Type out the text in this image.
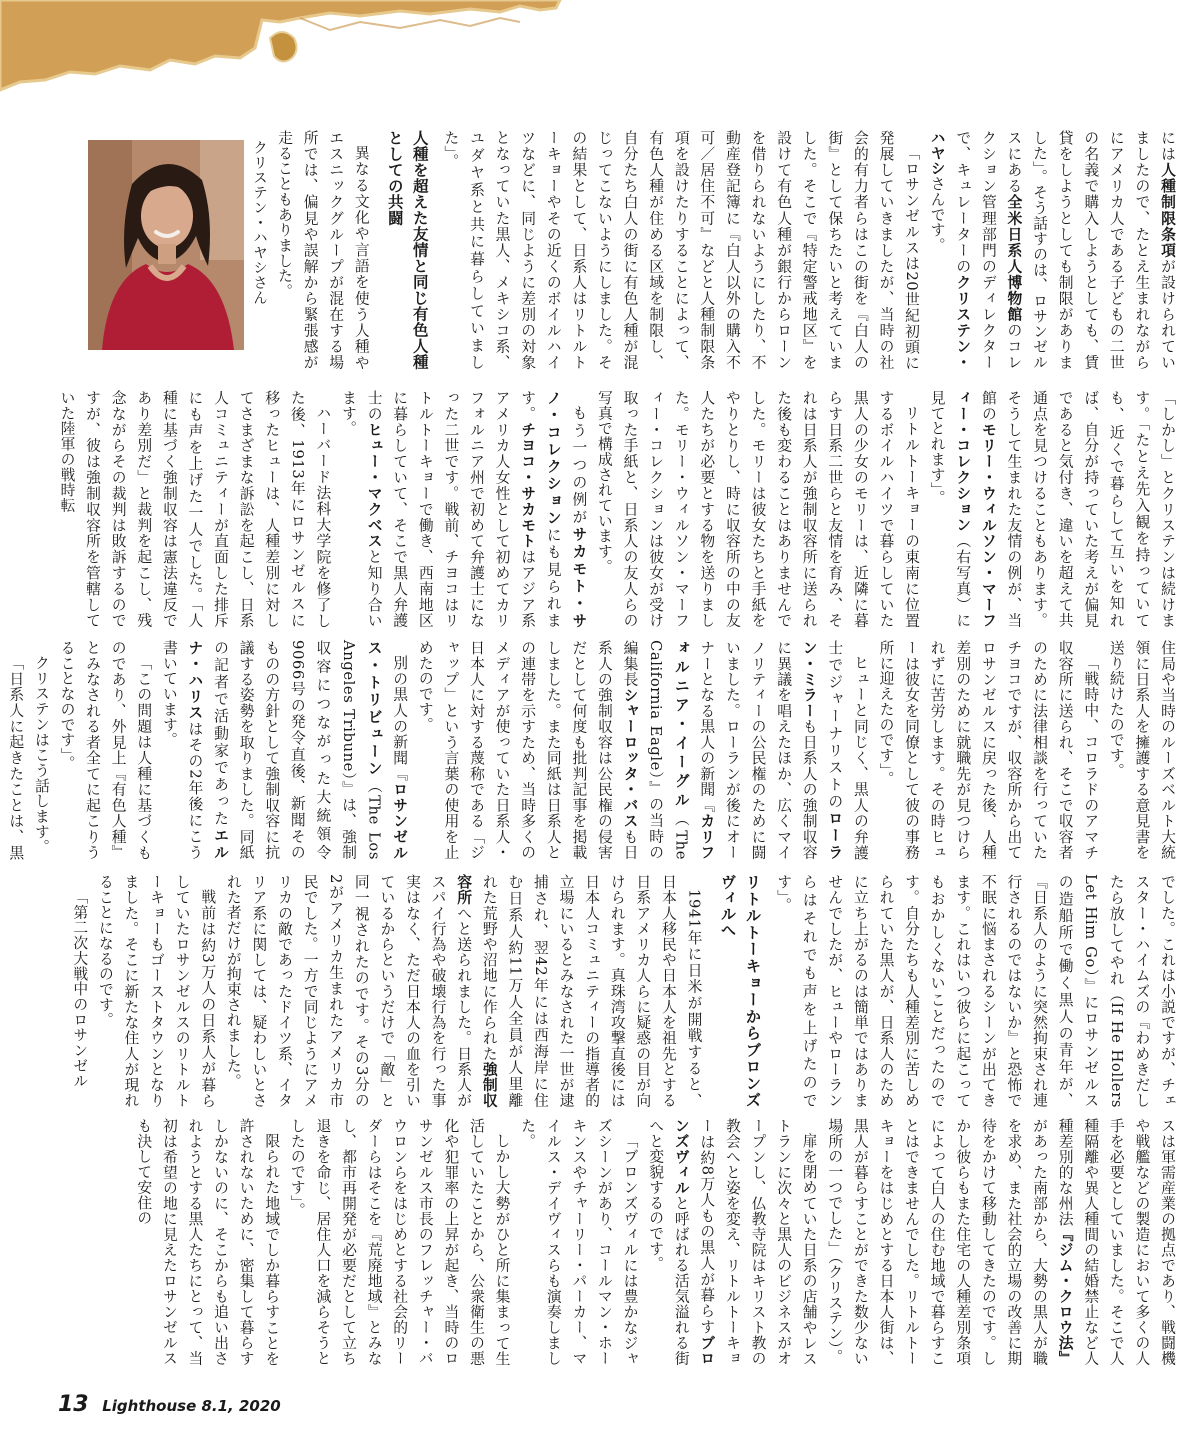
クリステン・ハヤシさん	には人種制限条項が設けられていましたので、たとえ生まれながらにアメリカ人である子どもの二世の名義で購入しようとしても、賃貸をしようとしても制限がありました」。そう話すのは、ロサンゼルスにある全米日系人博物館のコレクション管理部門のディレクターで、キュレーターのクリステン・ハヤシさんです。

「ロサンゼルスは20世紀初頭に発展していきましたが、当時の社会的有力者らはこの街を『白人の街』として保ちたいと考えていました。そこで『特定警戒地区』を設けて有色人種が銀行からローンを借りられないようにしたり、不動産登記簿に『白人以外の購入不可／居住不可』などと人種制限条項を設けたりすることによって、有色人種が住める区域を制限し、自分たち白人の街に有色人種が混じってこないようにしました。その結果として、日系人はリトルトーキョーやその近くのボイルハイツなどに、同じように差別の対象となっていた黒人、メキシコ系、ユダヤ系と共に暮らしていました」。

人種を超えた友情と同じ有色人種としての共闘

異なる文化や言語を使う人種やエスニックグループが混在する場所では、偏見や誤解から緊張感が走ることもありました。

「しかし」とクリステンは続けます。「たとえ先入観を持っていても、近くで暮らして互いを知れば、自分が持っていた考えが偏見であると気付き、違いを超えて共通点を見つけることもあります。そうして生まれた友情の例が、当館のモリー・ウィルソン・マーフィー・コレクション（右写真）に見てとれます」。

リトルトーキョーの東南に位置するボイルハイツで暮らしていた黒人の少女のモリーは、近隣に暮らす日系二世らと友情を育み、それは日系人が強制収容所に送られた後も変わることはありませんでした。モリーは彼女たちと手紙をやりとりし、時に収容所の中の友人たちが必要とする物を送りました。モリー・ウィルソン・マーフィー・コレクションは彼女が受け取った手紙と、日系人の友人らの写真で構成されています。

もう一つの例がサカモト・サノ・コレクションにも見られます。チヨコ・サカモトはアジア系アメリカ人女性として初めてカリフォルニア州で初めて弁護士になった二世です。戦前、チヨコはリトルトーキョーで働き、西南地区に暮らしていて、そこで黒人弁護士のヒュー・マクベスと知り合います。

ハーバード法科大学院を修了した後、1913年にロサンゼルスに移ったヒューは、人種差別に対してさまざまな訴訟を起こし、日系人コミュニティーが直面した排斥にも声を上げた一人でした。「人種に基づく強制収容は憲法違反であり差別だ」と裁判を起こし、残念ながらその裁判は敗訴するのですが、彼は強制収容所を管轄していた陸軍の戦時転

住局や当時のルーズベルト大統領に日系人を擁護する意見書を送り続けたのです。

「戦時中、コロラドのアマチ収容所に送られ、そこで収容者のために法律相談を行っていたチヨコですが、収容所から出てロサンゼルスに戻った後、人種差別のために就職先が見つけられずに苦労します。その時ヒューは彼女を同僚として彼の事務所に迎えたのです」。

ヒューと同じく、黒人の弁護士でジャーナリストのローラン・ミラーも日系人の強制収容に異議を唱えたほか、広くマイノリティーの公民権のために闘いました。ローランが後にオーナーとなる黒人の新聞『カリフォルニア・イーグル（The California Eagle）』の当時の編集長シャーロッタ・バスも日系人の強制収容は公民権の侵害だとして何度も批判記事を掲載しました。また同紙は日系人との連帯を示すため、当時多くのメディアが使っていた日系人・日本人に対する蔑称である「ジャップ」という言葉の使用を止めたのです。

別の黒人の新聞『ロサンゼルス・トリビューン（The Los Angeles Tribune）』は、強制収容につながった大統領令9066号の発令直後、新聞そのものの方針として強制収容に抗議する姿勢を取りました。同紙の記者で活動家であったエルナ・ハリスはその2年後にこう書いています。

「この問題は人種に基づくものであり、外見上『有色人種』とみなされる者全てに起こりうることなのです」。

クリステンはこう話します。

「日系人に起きたことは、黒

でした。これは小説ですが、チェスター・ハイムズの『わめきだしたら放してやれ（If He Hollers Let Him Go）』にロサンゼルスの造船所で働く黒人の青年が、『日系人のように突然拘束され連行されるのではないか』と恐怖で不眠に悩まされるシーンが出てきます。これはいつ彼らに起こってもおかしくないことだったのです。自分たちも人種差別に苦しめられていた黒人が、日系人のために立ち上がるのは簡単ではありませんでしたが、ヒューやローランらはそれでも声を上げたのです」。

リトルトーキョーからブロンズヴィルへ

1941年に日米が開戦すると、日本人移民や日本人を祖先とする日系アメリカ人らに疑惑の目が向けられます。真珠湾攻撃直後には日本人コミュニティーの指導者的立場にいるとみなされた一世が逮捕され、翌42年には西海岸に住む日系人約11万人全員が人里離れた荒野や沼地に作られた強制収容所へと送られました。日系人がスパイ行為や破壊行為を行った事実はなく、ただ日本人の血を引いているからというだけで「敵」と同一視されたのです。その3分の2がアメリカ生まれたアメリカ市民でした。一方で同じようにアメリカの敵であったドイツ系、イタリア系に関しては、疑わしいとされた者だけが拘束されました。

戦前は約3万人の日系人が暮らしていたロサンゼルスのリトルトーキョーもゴーストタウンとなりました。そこに新たな住人が現れることになるのです。

「第二次大戦中のロサンゼル

スは軍需産業の拠点であり、戦闘機や戦艦などの製造において多くの人手を必要としていました。そこで人種隔離や異人種間の結婚禁止など人種差別的な州法『ジム・クロウ法』があった南部から、大勢の黒人が職を求め、また社会的立場の改善に期待をかけて移動してきたのです。しかし彼らもまた住宅の人種差別条項によって白人の住む地域で暮らすことはできませんでした。リトルトーキョーをはじめとする日本人街は、黒人が暮らすことができた数少ない場所の一つでした」（クリステン）。

扉を閉めていた日系の店舗やレストランに次々と黒人のビジネスがオープンし、仏教寺院はキリスト教の教会へと姿を変え、リトルトーキョーは約8万人もの黒人が暮らすブロンズヴィルと呼ばれる活気溢れる街へと変貌するのです。

「ブロンズヴィルには豊かなジャズシーンがあり、コールマン・ホーキンスやチャーリー・パーカー、マイルス・デイヴィスらも演奏しました。

しかし大勢がひと所に集まって生活していたことから、公衆衛生の悪化や犯罪率の上昇が起き、当時のロサンゼルス市長のフレッチャー・バウロンらをはじめとする社会的リーダーらはそこを『荒廃地域』とみなし、都市再開発が必要だとして立ち退きを命じ、居住人口を減らそうとしたのです」。

限られた地域でしか暮らすことを許されないために、密集して暮らすしかないのに、そこからも追い出されようとする黒人たちにとって、当初は希望の地に見えたロサンゼルスも決して安住の

13 Lighthouse 8.1, 2020
